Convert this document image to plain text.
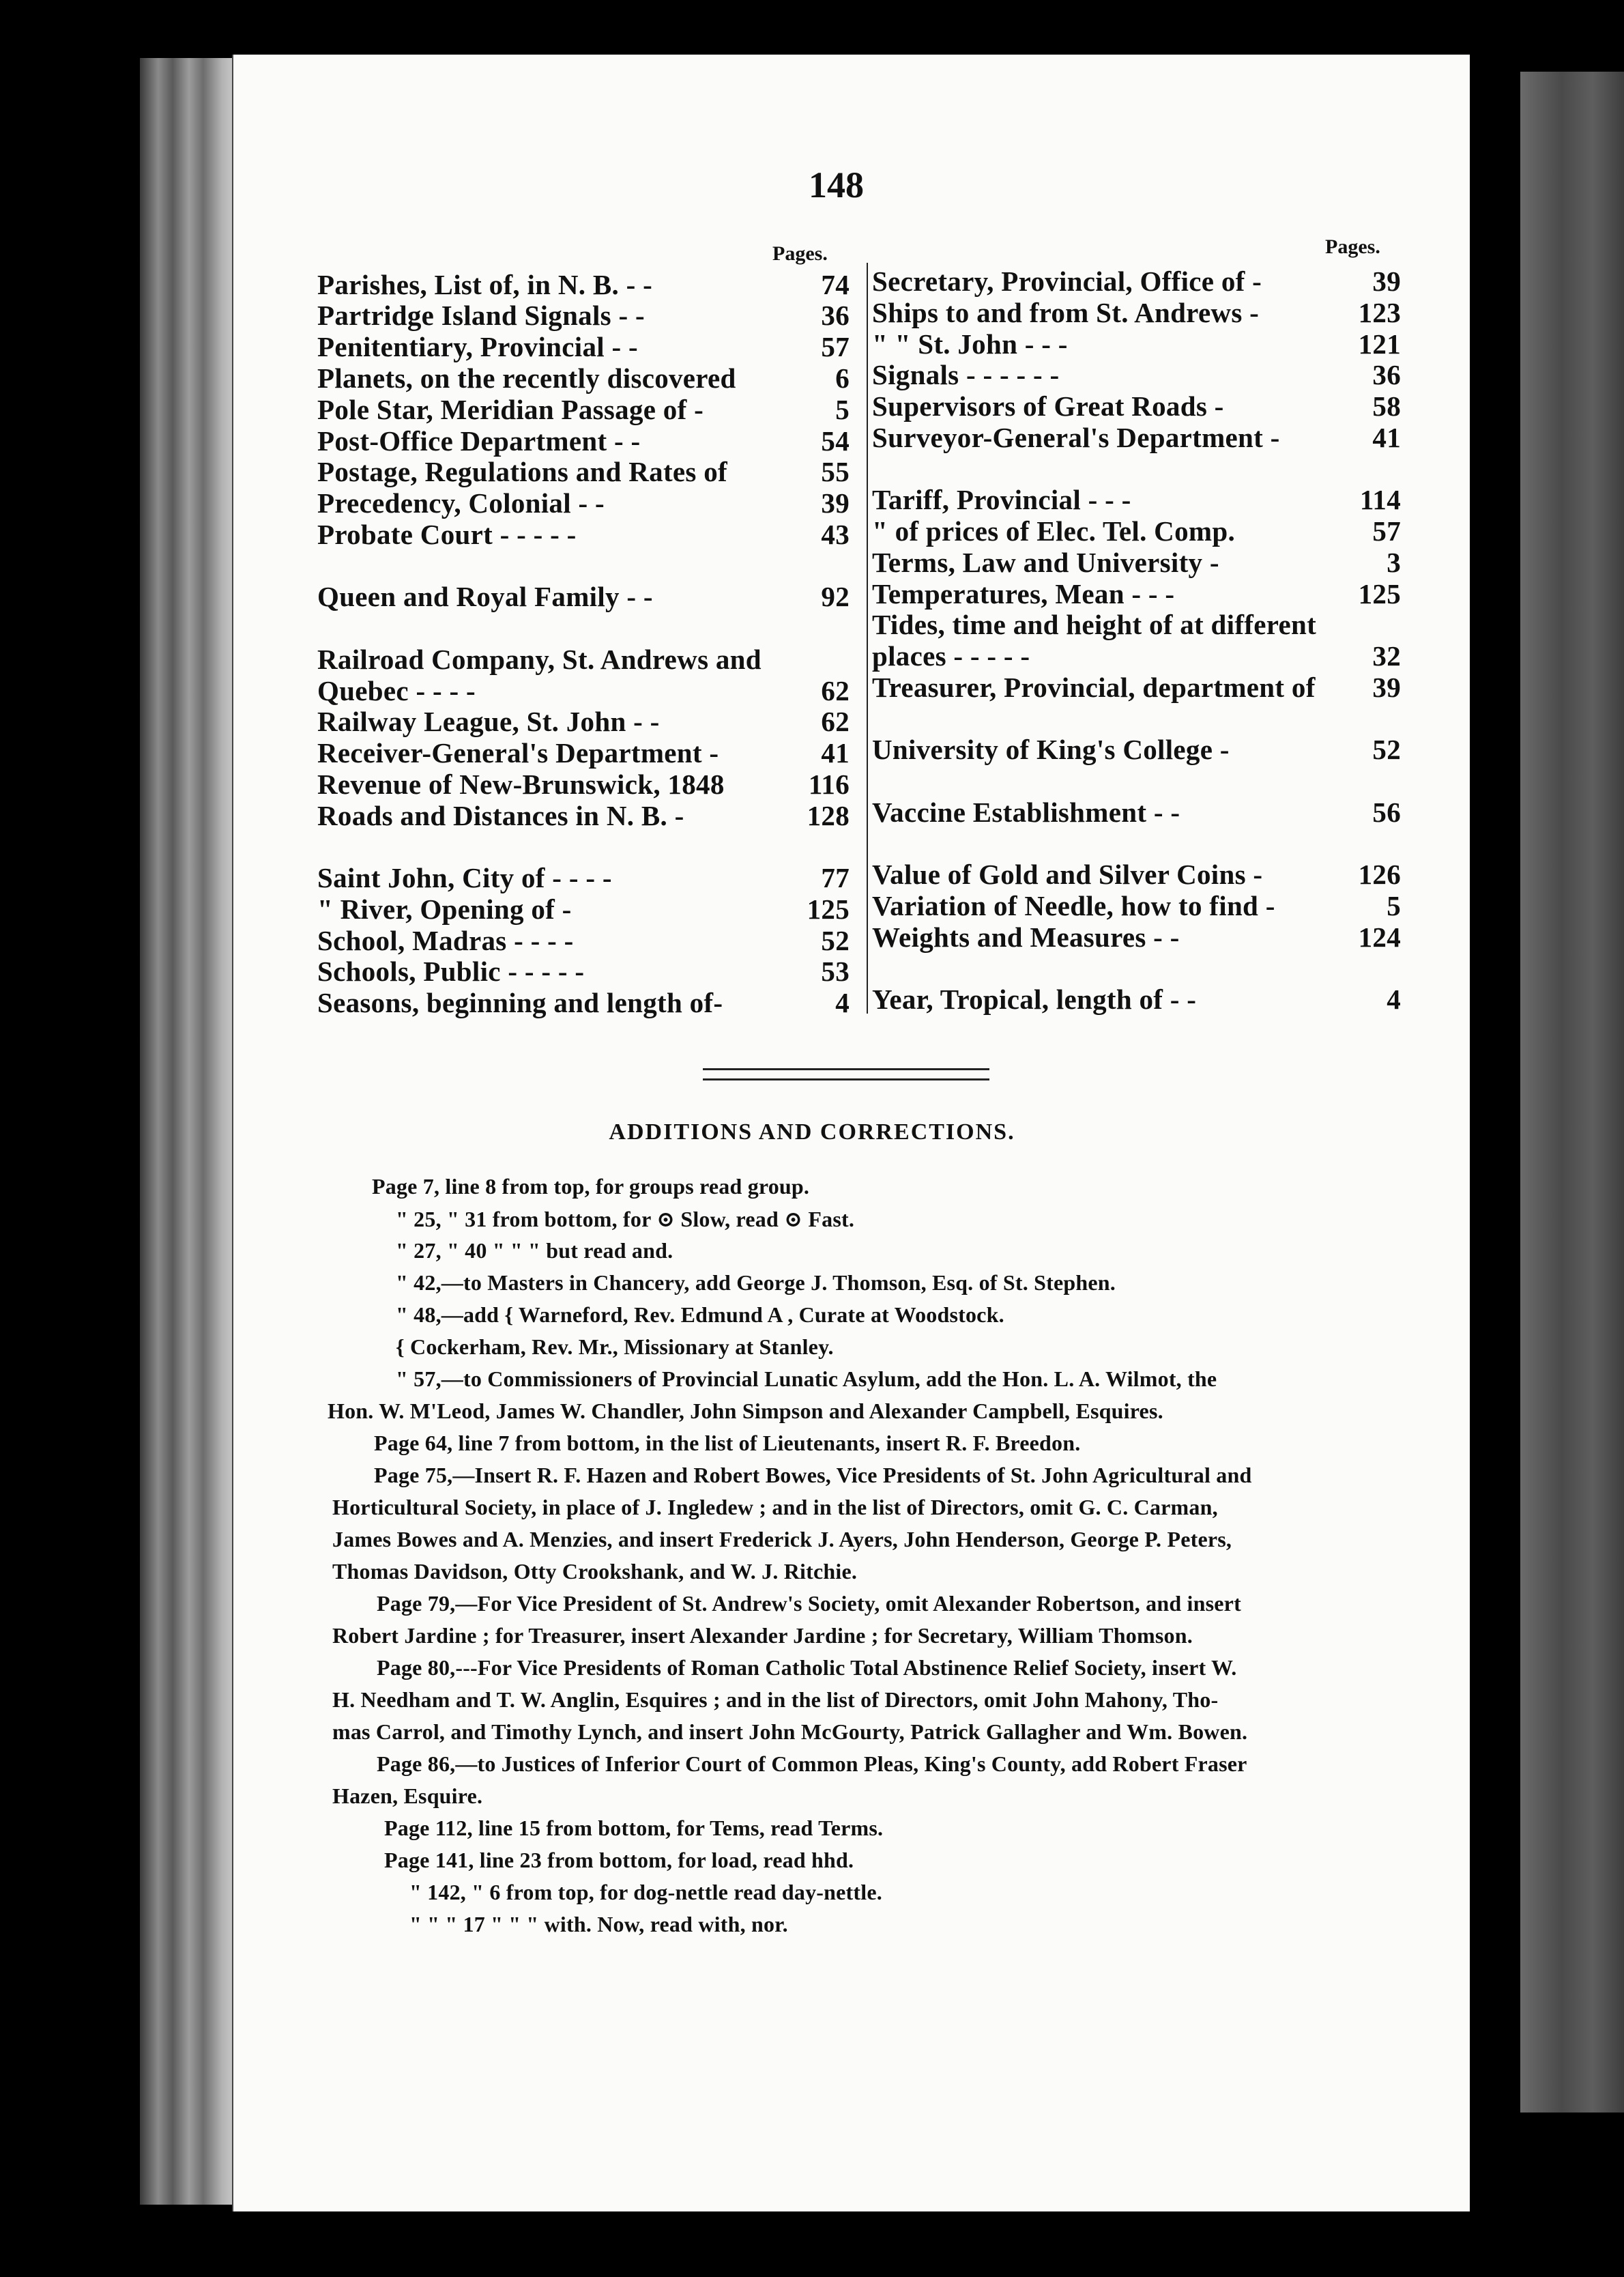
148
Pages.	Pages.
Parishes, List of, in N. B. - -	74
Partridge Island Signals - -	36
Penitentiary, Provincial - -	57
Planets, on the recently discovered	6
Pole Star, Meridian Passage of -	5
Post-Office Department - -	54
Postage, Regulations and Rates of	55
Precedency, Colonial - -	39
Probate Court - - - - -	43
Queen and Royal Family - -	92
Railroad Company, St. Andrews and
Quebec - - - -	62
Railway League, St. John - -	62
Receiver-General's Department -	41
Revenue of New-Brunswick, 1848	116
Roads and Distances in N. B. -	128
Saint John, City of - - - -	77
" River, Opening of -	125
School, Madras - - - -	52
Schools, Public - - - - -	53
Seasons, beginning and length of-	4
Secretary, Provincial, Office of -	39
Ships to and from St. Andrews -	123
" " St. John - - -	121
Signals - - - - - -	36
Supervisors of Great Roads -	58
Surveyor-General's Department -	41
Tariff, Provincial - - -	114
" of prices of Elec. Tel. Comp.	57
Terms, Law and University -	3
Temperatures, Mean - - -	125
Tides, time and height of at different
places - - - - -	32
Treasurer, Provincial, department of	39
University of King's College -	52
Vaccine Establishment - -	56
Value of Gold and Silver Coins -	126
Variation of Needle, how to find -	5
Weights and Measures - -	124
Year, Tropical, length of - -	4
ADDITIONS AND CORRECTIONS.
Page 7, line 8 from top, for groups read group.
" 25, " 31 from bottom, for ⊙ Slow, read ⊙ Fast.
" 27, " 40 " " " but read and.
" 42,—to Masters in Chancery, add George J. Thomson, Esq. of St. Stephen.
" 48,—add { Warneford, Rev. Edmund A , Curate at Woodstock.
{ Cockerham, Rev. Mr., Missionary at Stanley.
" 57,—to Commissioners of Provincial Lunatic Asylum, add the Hon. L. A. Wilmot, the
Hon. W. M'Leod, James W. Chandler, John Simpson and Alexander Campbell, Esquires.
Page 64, line 7 from bottom, in the list of Lieutenants, insert R. F. Breedon.
Page 75,—Insert R. F. Hazen and Robert Bowes, Vice Presidents of St. John Agricultural and
Horticultural Society, in place of J. Ingledew ; and in the list of Directors, omit G. C. Carman,
James Bowes and A. Menzies, and insert Frederick J. Ayers, John Henderson, George P. Peters,
Thomas Davidson, Otty Crookshank, and W. J. Ritchie.
Page 79,—For Vice President of St. Andrew's Society, omit Alexander Robertson, and insert
Robert Jardine ; for Treasurer, insert Alexander Jardine ; for Secretary, William Thomson.
Page 80,---For Vice Presidents of Roman Catholic Total Abstinence Relief Society, insert W.
H. Needham and T. W. Anglin, Esquires ; and in the list of Directors, omit John Mahony, Tho-
mas Carrol, and Timothy Lynch, and insert John McGourty, Patrick Gallagher and Wm. Bowen.
Page 86,—to Justices of Inferior Court of Common Pleas, King's County, add Robert Fraser
Hazen, Esquire.
Page 112, line 15 from bottom, for Tems, read Terms.
Page 141, line 23 from bottom, for load, read hhd.
" 142, " 6 from top, for dog-nettle read day-nettle.
" " " 17 " " " with. Now, read with, nor.
